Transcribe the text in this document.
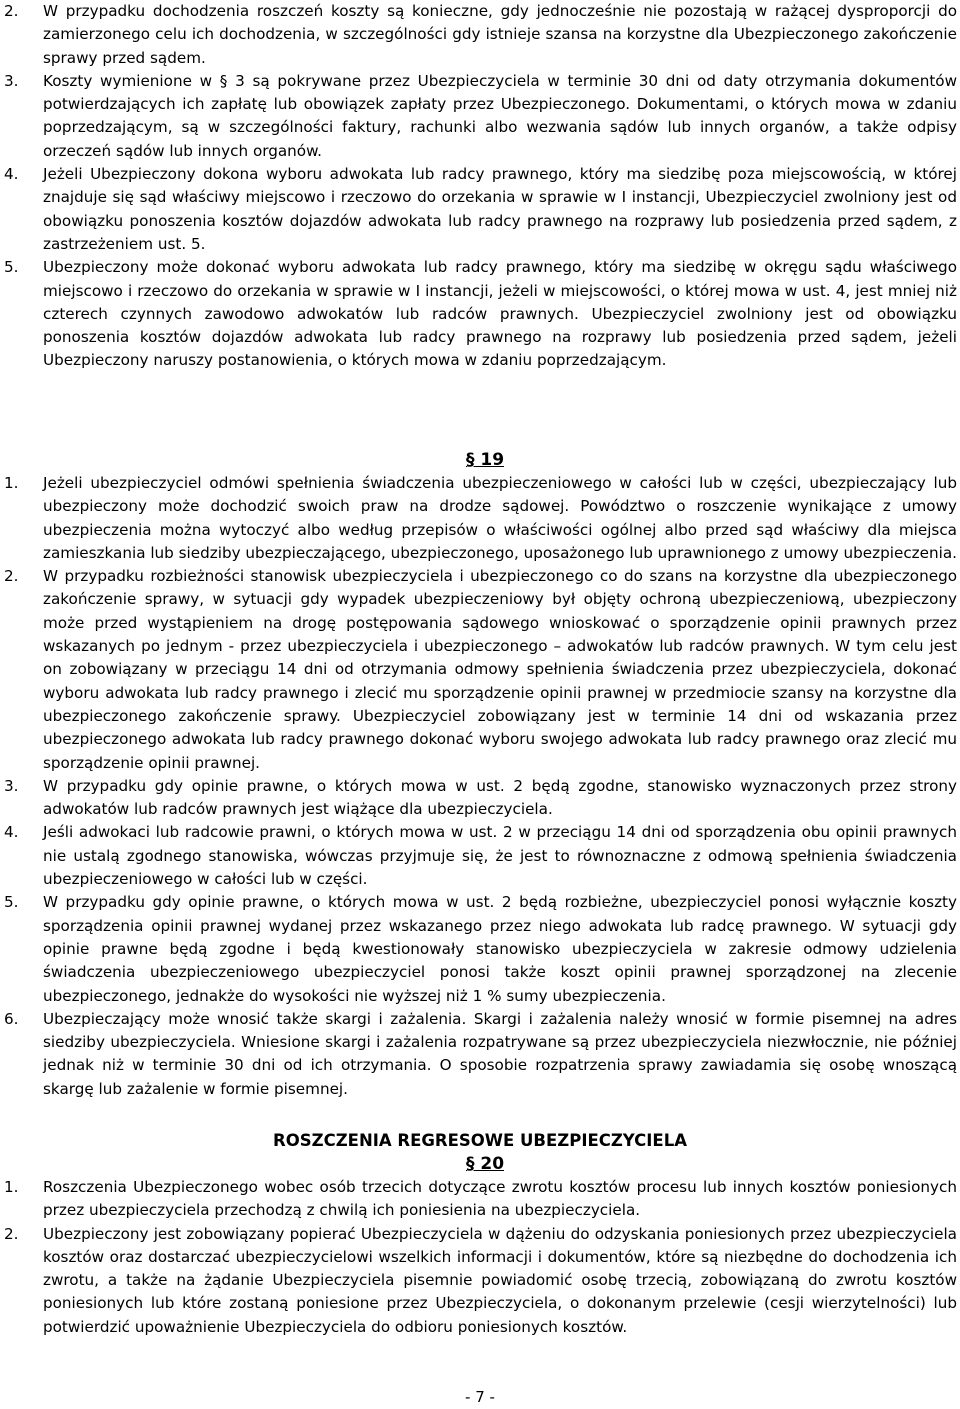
2. W przypadku dochodzenia roszczeń koszty są konieczne, gdy jednocześnie nie pozostają w rażącej dysproporcji do zamierzonego celu ich dochodzenia, w szczególności gdy istnieje szansa na korzystne dla Ubezpieczonego zakończenie sprawy przed sądem.
3. Koszty wymienione w § 3 są pokrywane przez Ubezpieczyciela w terminie 30 dni od daty otrzymania dokumentów potwierdzających ich zapłatę lub obowiązek zapłaty przez Ubezpieczonego. Dokumentami, o których mowa w zdaniu poprzedzającym, są w szczególności faktury, rachunki albo wezwania sądów lub innych organów, a także odpisy orzeczeń sądów lub innych organów.
4. Jeżeli Ubezpieczony dokona wyboru adwokata lub radcy prawnego, który ma siedzibę poza miejscowością, w której znajduje się sąd właściwy miejscowo i rzeczowo do orzekania w sprawie w I instancji, Ubezpieczyciel zwolniony jest od obowiązku ponoszenia kosztów dojazdów adwokata lub radcy prawnego na rozprawy lub posiedzenia przed sądem, z zastrzeżeniem ust. 5.
5. Ubezpieczony może dokonać wyboru adwokata lub radcy prawnego, który ma siedzibę w okręgu sądu właściwego miejscowo i rzeczowo do orzekania w sprawie w I instancji, jeżeli w miejscowości, o której mowa w ust. 4, jest mniej niż czterech czynnych zawodowo adwokatów lub radców prawnych. Ubezpieczyciel zwolniony jest od obowiązku ponoszenia kosztów dojazdów adwokata lub radcy prawnego na rozprawy lub posiedzenia przed sądem, jeżeli Ubezpieczony naruszy postanowienia, o których mowa w zdaniu poprzedzającym.
§ 19
1. Jeżeli ubezpieczyciel odmówi spełnienia świadczenia ubezpieczeniowego w całości lub w części, ubezpieczający lub ubezpieczony może dochodzić swoich praw na drodze sądowej. Powództwo o roszczenie wynikające z umowy ubezpieczenia można wytoczyć albo według przepisów o właściwości ogólnej albo przed sąd właściwy dla miejsca zamieszkania lub siedziby ubezpieczającego, ubezpieczonego, uposażonego lub uprawnionego z umowy ubezpieczenia.
2. W przypadku rozbieżności stanowisk ubezpieczyciela i ubezpieczonego co do szans na korzystne dla ubezpieczonego zakończenie sprawy, w sytuacji gdy wypadek ubezpieczeniowy był objęty ochroną ubezpieczeniową, ubezpieczony może przed wystąpieniem na drogę postępowania sądowego wnioskować o sporządzenie opinii prawnych przez wskazanych po jednym - przez ubezpieczyciela i ubezpieczonego – adwokatów lub radców prawnych. W tym celu jest on zobowiązany w przeciągu 14 dni od otrzymania odmowy spełnienia świadczenia przez ubezpieczyciela, dokonać wyboru adwokata lub radcy prawnego i zlecić mu sporządzenie opinii prawnej w przedmiocie szansy na korzystne dla ubezpieczonego zakończenie sprawy. Ubezpieczyciel zobowiązany jest w terminie 14 dni od wskazania przez ubezpieczonego adwokata lub radcy prawnego dokonać wyboru swojego adwokata lub radcy prawnego oraz zlecić mu sporządzenie opinii prawnej.
3. W przypadku gdy opinie prawne, o których mowa w ust. 2 będą zgodne, stanowisko wyznaczonych przez strony adwokatów lub radców prawnych jest wiążące dla ubezpieczyciela.
4. Jeśli adwokaci lub radcowie prawni, o których mowa w ust. 2 w przeciągu 14 dni od sporządzenia obu opinii prawnych nie ustalą zgodnego stanowiska, wówczas przyjmuje się, że jest to równoznaczne z odmową spełnienia świadczenia ubezpieczeniowego w całości lub w części.
5. W przypadku gdy opinie prawne, o których mowa w ust. 2 będą rozbieżne, ubezpieczyciel ponosi wyłącznie koszty sporządzenia opinii prawnej wydanej przez wskazanego przez niego adwokata lub radcę prawnego. W sytuacji gdy opinie prawne będą zgodne i będą kwestionowały stanowisko ubezpieczyciela w zakresie odmowy udzielenia świadczenia ubezpieczeniowego ubezpieczyciel ponosi także koszt opinii prawnej sporządzonej na zlecenie ubezpieczonego, jednakże do wysokości nie wyższej niż 1 % sumy ubezpieczenia.
6. Ubezpieczający może wnosić także skargi i zażalenia. Skargi i zażalenia należy wnosić w formie pisemnej na adres siedziby ubezpieczyciela. Wniesione skargi i zażalenia rozpatrywane są przez ubezpieczyciela niezwłocznie, nie później jednak niż w terminie 30 dni od ich otrzymania. O sposobie rozpatrzenia sprawy zawiadamia się osobę wnoszącą skargę lub zażalenie w formie pisemnej.
ROSZCZENIA REGRESOWE UBEZPIECZYCIELA
§ 20
1. Roszczenia Ubezpieczonego wobec osób trzecich dotyczące zwrotu kosztów procesu lub innych kosztów poniesionych przez ubezpieczyciela przechodzą z chwilą ich poniesienia na ubezpieczyciela.
2. Ubezpieczony jest zobowiązany popierać Ubezpieczyciela w dążeniu do odzyskania poniesionych przez ubezpieczyciela kosztów oraz dostarczać ubezpieczycielowi wszelkich informacji i dokumentów, które są niezbędne do dochodzenia ich zwrotu, a także na żądanie Ubezpieczyciela pisemnie powiadomić osobę trzecią, zobowiązaną do zwrotu kosztów poniesionych lub które zostaną poniesione przez Ubezpieczyciela, o dokonanym przelewie (cesji wierzytelności) lub potwierdzić upoważnienie Ubezpieczyciela do odbioru poniesionych kosztów.
- 7 -
